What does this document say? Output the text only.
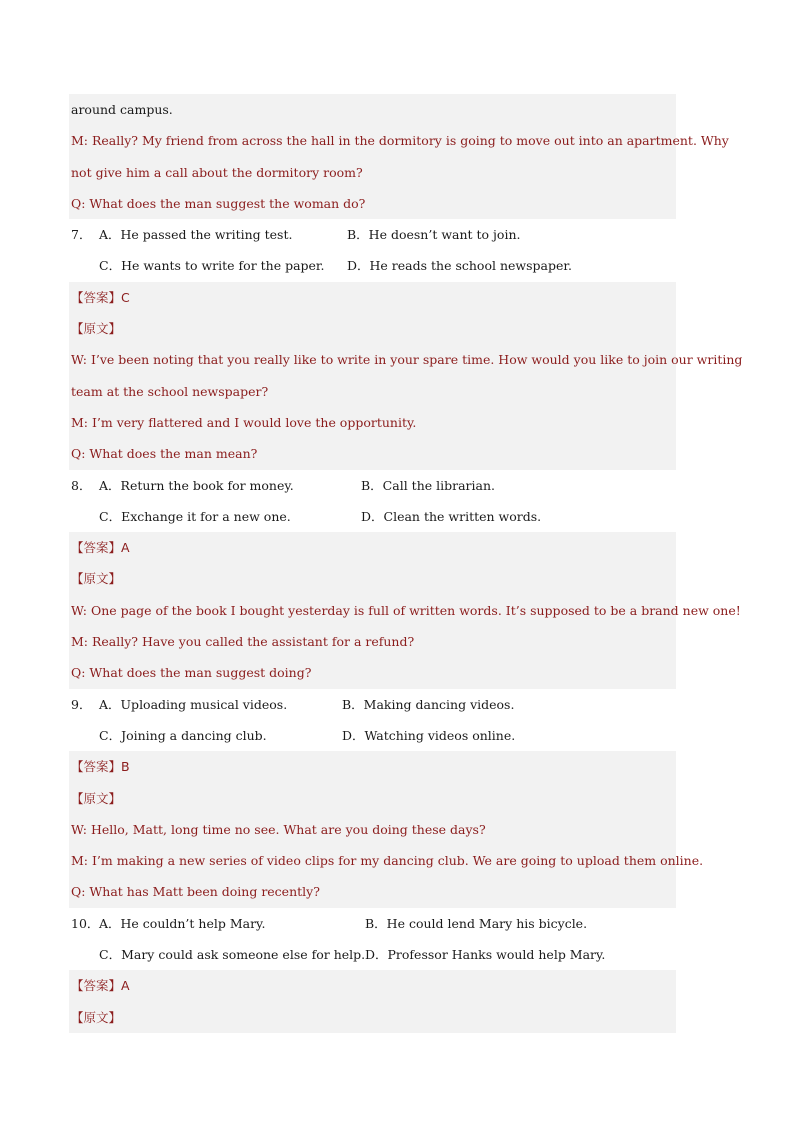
around campus.
M: Really? My friend from across the hall in the dormitory is going to move out into an apartment. Why
not give him a call about the dormitory room?
Q: What does the man suggest the woman do?
7． A．He passed the writing test.	B．He doesn’t want to join.
C．He wants to write for the paper. D．He reads the school newspaper.
【答案】C
【原文】
W: I’ve been noting that you really like to write in your spare time. How would you like to join our writing
team at the school newspaper?
M: I’m very flattered and I would love the opportunity.
Q: What does the man mean?
8． A．Return the book for money.	B．Call the librarian.
C．Exchange it for a new one.	D．Clean the written words.
【答案】A
【原文】
W: One page of the book I bought yesterday is full of written words. It’s supposed to be a brand new one!
M: Really? Have you called the assistant for a refund?
Q: What does the man suggest doing?
9． A．Uploading musical videos.	B．Making dancing videos.
C．Joining a dancing club.	D．Watching videos online.
【答案】B
【原文】
W: Hello, Matt, long time no see. What are you doing these days?
M: I’m making a new series of video clips for my dancing club. We are going to upload them online.
Q: What has Matt been doing recently?
10． A．He couldn’t help Mary.	B．He could lend Mary his bicycle.
C．Mary could ask someone else for help. D．Professor Hanks would help Mary.
【答案】A
【原文】
